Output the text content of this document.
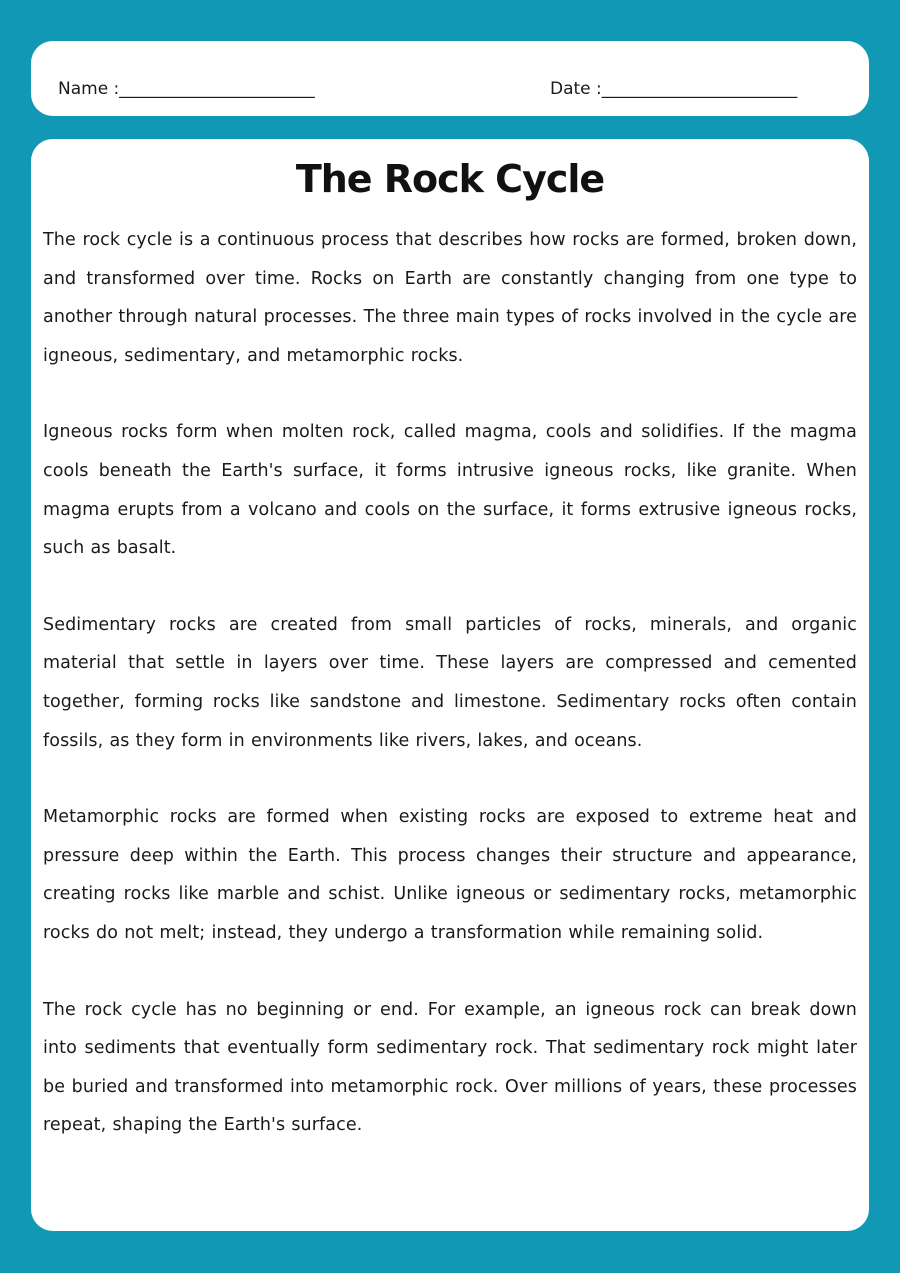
Name :_______________________	Date :_______________________
The Rock Cycle

The rock cycle is a continuous process that describes how rocks are formed, broken down, and transformed over time. Rocks on Earth are constantly changing from one type to another through natural processes. The three main types of rocks involved in the cycle are igneous, sedimentary, and metamorphic rocks.

Igneous rocks form when molten rock, called magma, cools and solidifies. If the magma cools beneath the Earth's surface, it forms intrusive igneous rocks, like granite. When magma erupts from a volcano and cools on the surface, it forms extrusive igneous rocks, such as basalt.

Sedimentary rocks are created from small particles of rocks, minerals, and organic material that settle in layers over time. These layers are compressed and cemented together, forming rocks like sandstone and limestone. Sedimentary rocks often contain fossils, as they form in environments like rivers, lakes, and oceans.

Metamorphic rocks are formed when existing rocks are exposed to extreme heat and pressure deep within the Earth. This process changes their structure and appearance, creating rocks like marble and schist. Unlike igneous or sedimentary rocks, metamorphic rocks do not melt; instead, they undergo a transformation while remaining solid.

The rock cycle has no beginning or end. For example, an igneous rock can break down into sediments that eventually form sedimentary rock. That sedimentary rock might later be buried and transformed into metamorphic rock. Over millions of years, these processes repeat, shaping the Earth's surface.
